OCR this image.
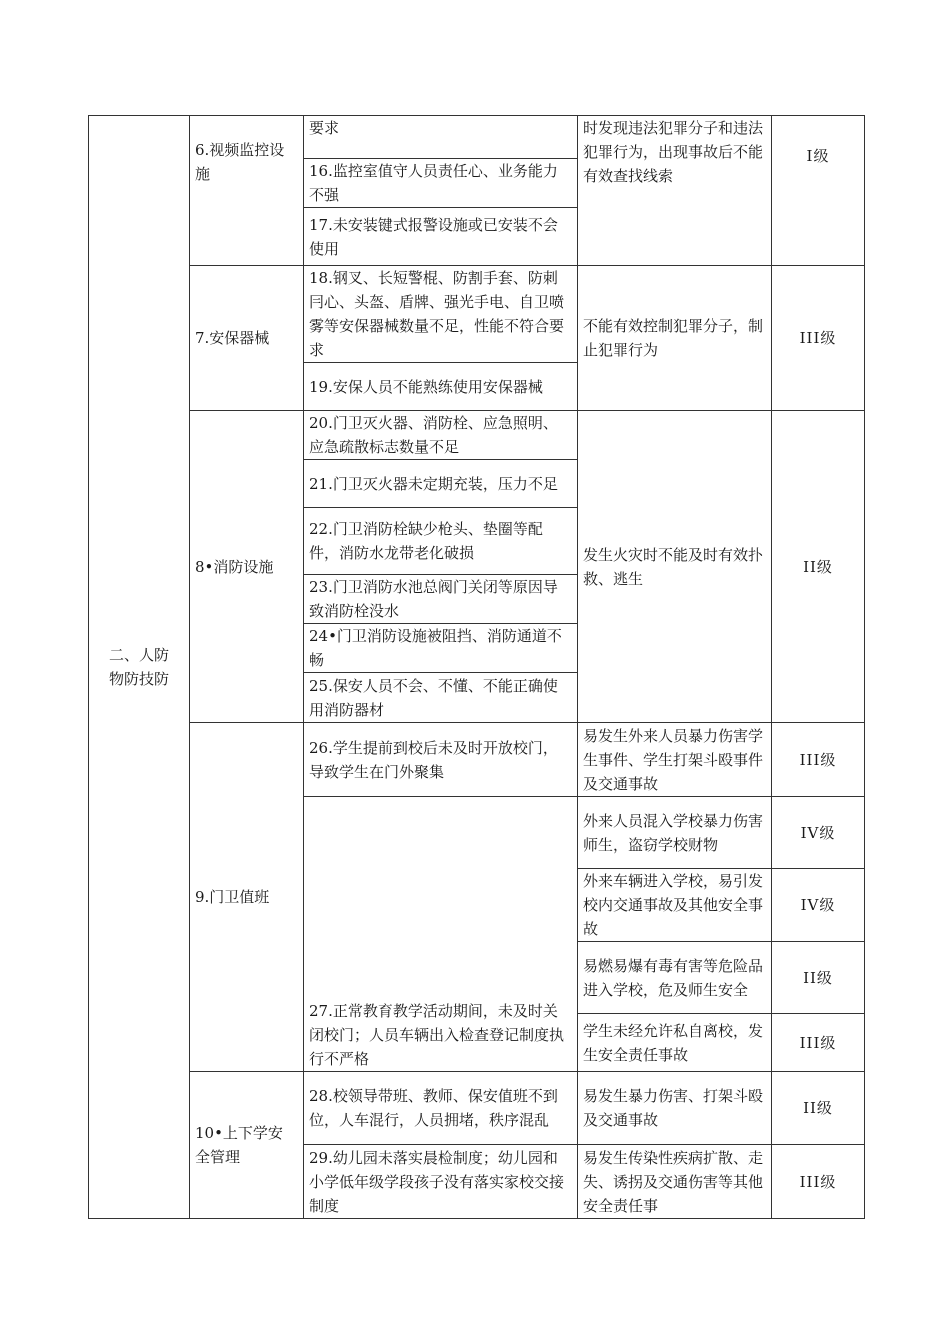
二、人防物防技防	6.视频监控设施	要求	时发现违法犯罪分子和违法犯罪行为，出现事故后不能有效查找线索	I级
		16.监控室值守人员责任心、业务能力不强		
		17.未安装键式报警设施或已安装不会使用		
	7.安保器械	18.钢叉、长短警棍、防割手套、防刺冃心、头盔、盾牌、强光手电、自卫喷雾等安保器械数量不足，性能不符合要求	不能有效控制犯罪分子，制止犯罪行为	III级
		19.安保人员不能熟练使用安保器械		
	8•消防设施	20.门卫灭火器、消防栓、应急照明、应急疏散标志数量不足	发生火灾时不能及时有效扑救、逃生	II级
		21.门卫灭火器未定期充装，压力不足		
		22.门卫消防栓缺少枪头、垫圈等配件，消防水龙带老化破损		
		23.门卫消防水池总阀门关闭等原因导致消防栓没水		
		24•门卫消防设施被阻挡、消防通道不畅		
		25.保安人员不会、不懂、不能正确使用消防器材		
	9.门卫值班	26.学生提前到校后未及时开放校门，导致学生在门外聚集	易发生外来人员暴力伤害学生事件、学生打架斗殴事件及交通事故	III级
		27.正常教育教学活动期间，未及时关闭校门；人员车辆出入检查登记制度执行不严格	外来人员混入学校暴力伤害师生，盗窃学校财物	IV级
			外来车辆进入学校，易引发校内交通事故及其他安全事故	IV级
			易燃易爆有毒有害等危险品进入学校，危及师生安全	II级
			学生未经允许私自离校，发生安全责任事故	III级

	10•上下学安全管理	28.校领导带班、教师、保安值班不到位，人车混行，人员拥堵，秩序混乱	易发生暴力伤害、打架斗殴及交通事故	II级
		29.幼儿园未落实晨检制度；幼儿园和小学低年级学段孩子没有落实家校交接制度	易发生传染性疾病扩散、走失、诱拐及交通伤害等其他安全责任事	III级
